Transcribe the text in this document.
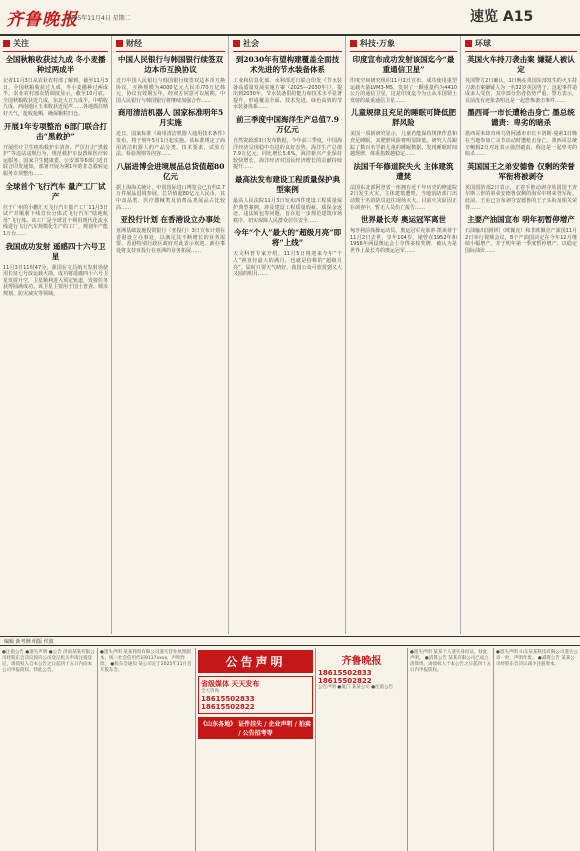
齐鲁晚报
2025年11月4日 星期二	速览 A15
关注
全国秋粮收获过九成 冬小麦播种过两成半
记者11月3日从农业农村部了解到，截至11月3日，全国秋粮收获过九成，冬小麦播种过两成半。农业农村部农情调度显示，截至10月底，全国秋粮收获近九成，东北大豆九成半，中稻收九成，西南地区玉米收获近尾声……各地抓住晴好天气，抢收抢晒，确保颗粒归仓。
开展1年专项整治 6部门联合打击“黑救护”
开展医疗卫生机构救护车清查、严厉打击“黑救护”等违法违规行为，规范救护车设置和医疗转运服务，国家卫生健康委、公安部等6部门近日联合印发通知，部署开展为期1年的非急救转运服务专项整治……
全球首个飞行汽车 量产工厂试产
位于广州的小鹏汇天飞行汽车量产工厂11月3日试产并顺利下线首台分体式飞行汽车“陆地航母”飞行体。该工厂是全球首个利用现代化流水线进行飞行汽车规模化生产的工厂，规划年产能1万台……
我国成功发射 遥感四十六号卫星
11月3日11时47分，我国在文昌航天发射场使用长征七号改运载火箭，成功将遥感四十六号卫星发射升空，卫星顺利进入预定轨道，发射任务获得圆满成功。该卫星主要用于国土普查、城市规划、防灾减灾等领域。
财经
中国人民银行与韩国银行续签双边本币互换协议
近日中国人民银行与韩国银行续签双边本币互换协议，互换规模为4000亿元人民币/70万亿韩元，协议有效期五年，经双方同意可以展期。中国人民银行与韩国银行将继续加强合作……
商用清洁机器人 国家标准明年5月实施
近日，国家标准《商用清洁机器人通用技术条件》发布，将于明年5月1日起实施。该标准规定了商用清洁机器人的产品分类、技术要求、试验方法、检验规则等内容……
八届进博会进境展品总货值超80亿元
据上海海关统计，中国国际进口博览会已有约2.7万件展品进境参展，总货值超80亿元人民币，其中食品类、医疗器械类及消费品类展品占比较高……
亚投行计划 在香港设立办事处
亚洲基础设施投资银行（亚投行）3日宣布计划在香港设立办事处，以满足其不断增长的业务需要，香港特别行政区政府对此表示欢迎。新办事处将支持亚投行在亚洲的业务拓展……
社会
到2030年有望构建覆盖全面技术先进的节水装备体系
工业和信息化部、水利部近日联合印发《节水装备高质量发展实施方案（2025—2030年）》，提出到2030年，节水装备供给能力和技术水平显著提升，形成覆盖全面、技术先进、绿色高效的节水装备体系……
前三季度中国海洋生产总值7.9万亿元
自然资源部3日发布数据，今年前三季度，中国海洋经济呈现稳中有进的良好态势，海洋生产总值7.9万亿元，同比增长5.6%。海洋新兴产业保持较快增长，海洋经济对国民经济增长的贡献持续提升……
最高法发布建设工程质量保护典型案例
最高人民法院11月3日发布四件建设工程质量保护典型案例，涉及建设工程质量瑕疵、质保金返还、违法转包等问题，旨在进一步规范建筑市场秩序，切实保障人民群众居住安全……
今年“个人”最大的“超级月亮”即将“上线”
天文科普专家介绍，11月5日将迎来今年“个人”视直径最大的满月，也就是俗称的“超级月亮”。届时只要天气晴好，我国公众可欣赏到又大又圆的明月……
科技·万象
印度宣布成功发射该国迄今“最重通信卫星”
印度空间研究组织11月2日宣布，成功使用重型运载火箭LVM3-M5，发射了一颗重量约为4410公斤的通信卫星，这是印度迄今为止从本国领土发射的最重通信卫星……
儿童规律且充足的睡眠可降低肥胖风险
美国一项新研究显示，儿童若能保持规律作息和充足睡眠，其肥胖风险将明显降低。研究人员跟踪了数百名学龄儿童的睡眠数据，发现睡眠时间越规律，体重指数越稳定……
法国千年修道院失火 主体建筑遭焚
法国东北部阿登省一座拥有近千年历史的修道院2日发生火灾，主体建筑遭焚。当地消防部门出动数十名消防员赶往现场灭火，目前火灾原因正在调查中，暂无人员伤亡报告……
世界最长寿 奥运冠军离世
匈牙利前体操运动员、奥运冠军克莱蒂·凯莱蒂于11月2日去世，享年104岁。她曾在1952年和1956年两届奥运会上夺得多枚奖牌，被认为是世界上最长寿的奥运冠军……
环球
英国火车持刀袭击案 嫌疑人被认定
英国警方2日确认，1日晚在英国东部发生的火车持刀袭击案嫌疑人为一名32岁英国男子。这起事件造成多人受伤，其中部分伤者伤势严重。警方表示，目前没有迹象表明这是一起恐怖袭击事件……
墨西哥一市长遭枪击身亡 墨总统谴责：卑劣的暗杀
墨西哥米却肯州乌鲁阿潘市市长卡洛斯·曼索1日晚在当地参加亡灵节活动时遭枪击身亡。墨西哥总统辛鲍姆2日对此表示强烈谴责，称这是一起卑劣的暗杀……
英国国王之弟安德鲁 仅剩的荣誉军衔将被剥夺
英国国防部2日表示，正着手推动剥夺英国国王查尔斯三世的弟弟安德鲁仅剩的海军中将荣誉军衔。此前，王室已宣布剥夺安德鲁的王子头衔及相关荣誉……
主要产油国宣布 明年初暂停增产
石油输出国组织（欧佩克）和非欧佩克产油国11月2日举行视频会议，8个产油国决定在今年12月继续小幅增产，并于明年第一季度暂停增产，以稳定国际油价……
编辑 新考例 组版 侯波
●注销公告 ●遗失声明 ●公告 济南某某有限公司经股东会决议拟向公司登记机关申请注销登记，请债权人自本公告之日起四十五日内向本公司申报债权。特此公告。
●遗失声明 某某商贸有限公司遗失营业执照副本，统一社会信用代码9137xxxx，声明作废。 ●股东会通知 某公司定于2025年11月召开股东会。
公告声明
省级媒体 天天发布
全天咨询
18615502833
18615502822
《山东各地》 证件挂失 / 企业声明 / 拍卖 / 公告招考等
齐鲁晚报
18615502833
18615502822
公告声明 ●厦门 某某公司 ●注销公告
●遗失声明 某某个人遗失身份证，特此声明。 ●清算公告 某某有限公司已成立清算组，请债权人于本公告之日起四十五日内申报债权。
●遗失声明 山东某某科技有限公司遗失公章一枚，声明作废。 ●减资公告 某某公司经股东会决议减少注册资本。
